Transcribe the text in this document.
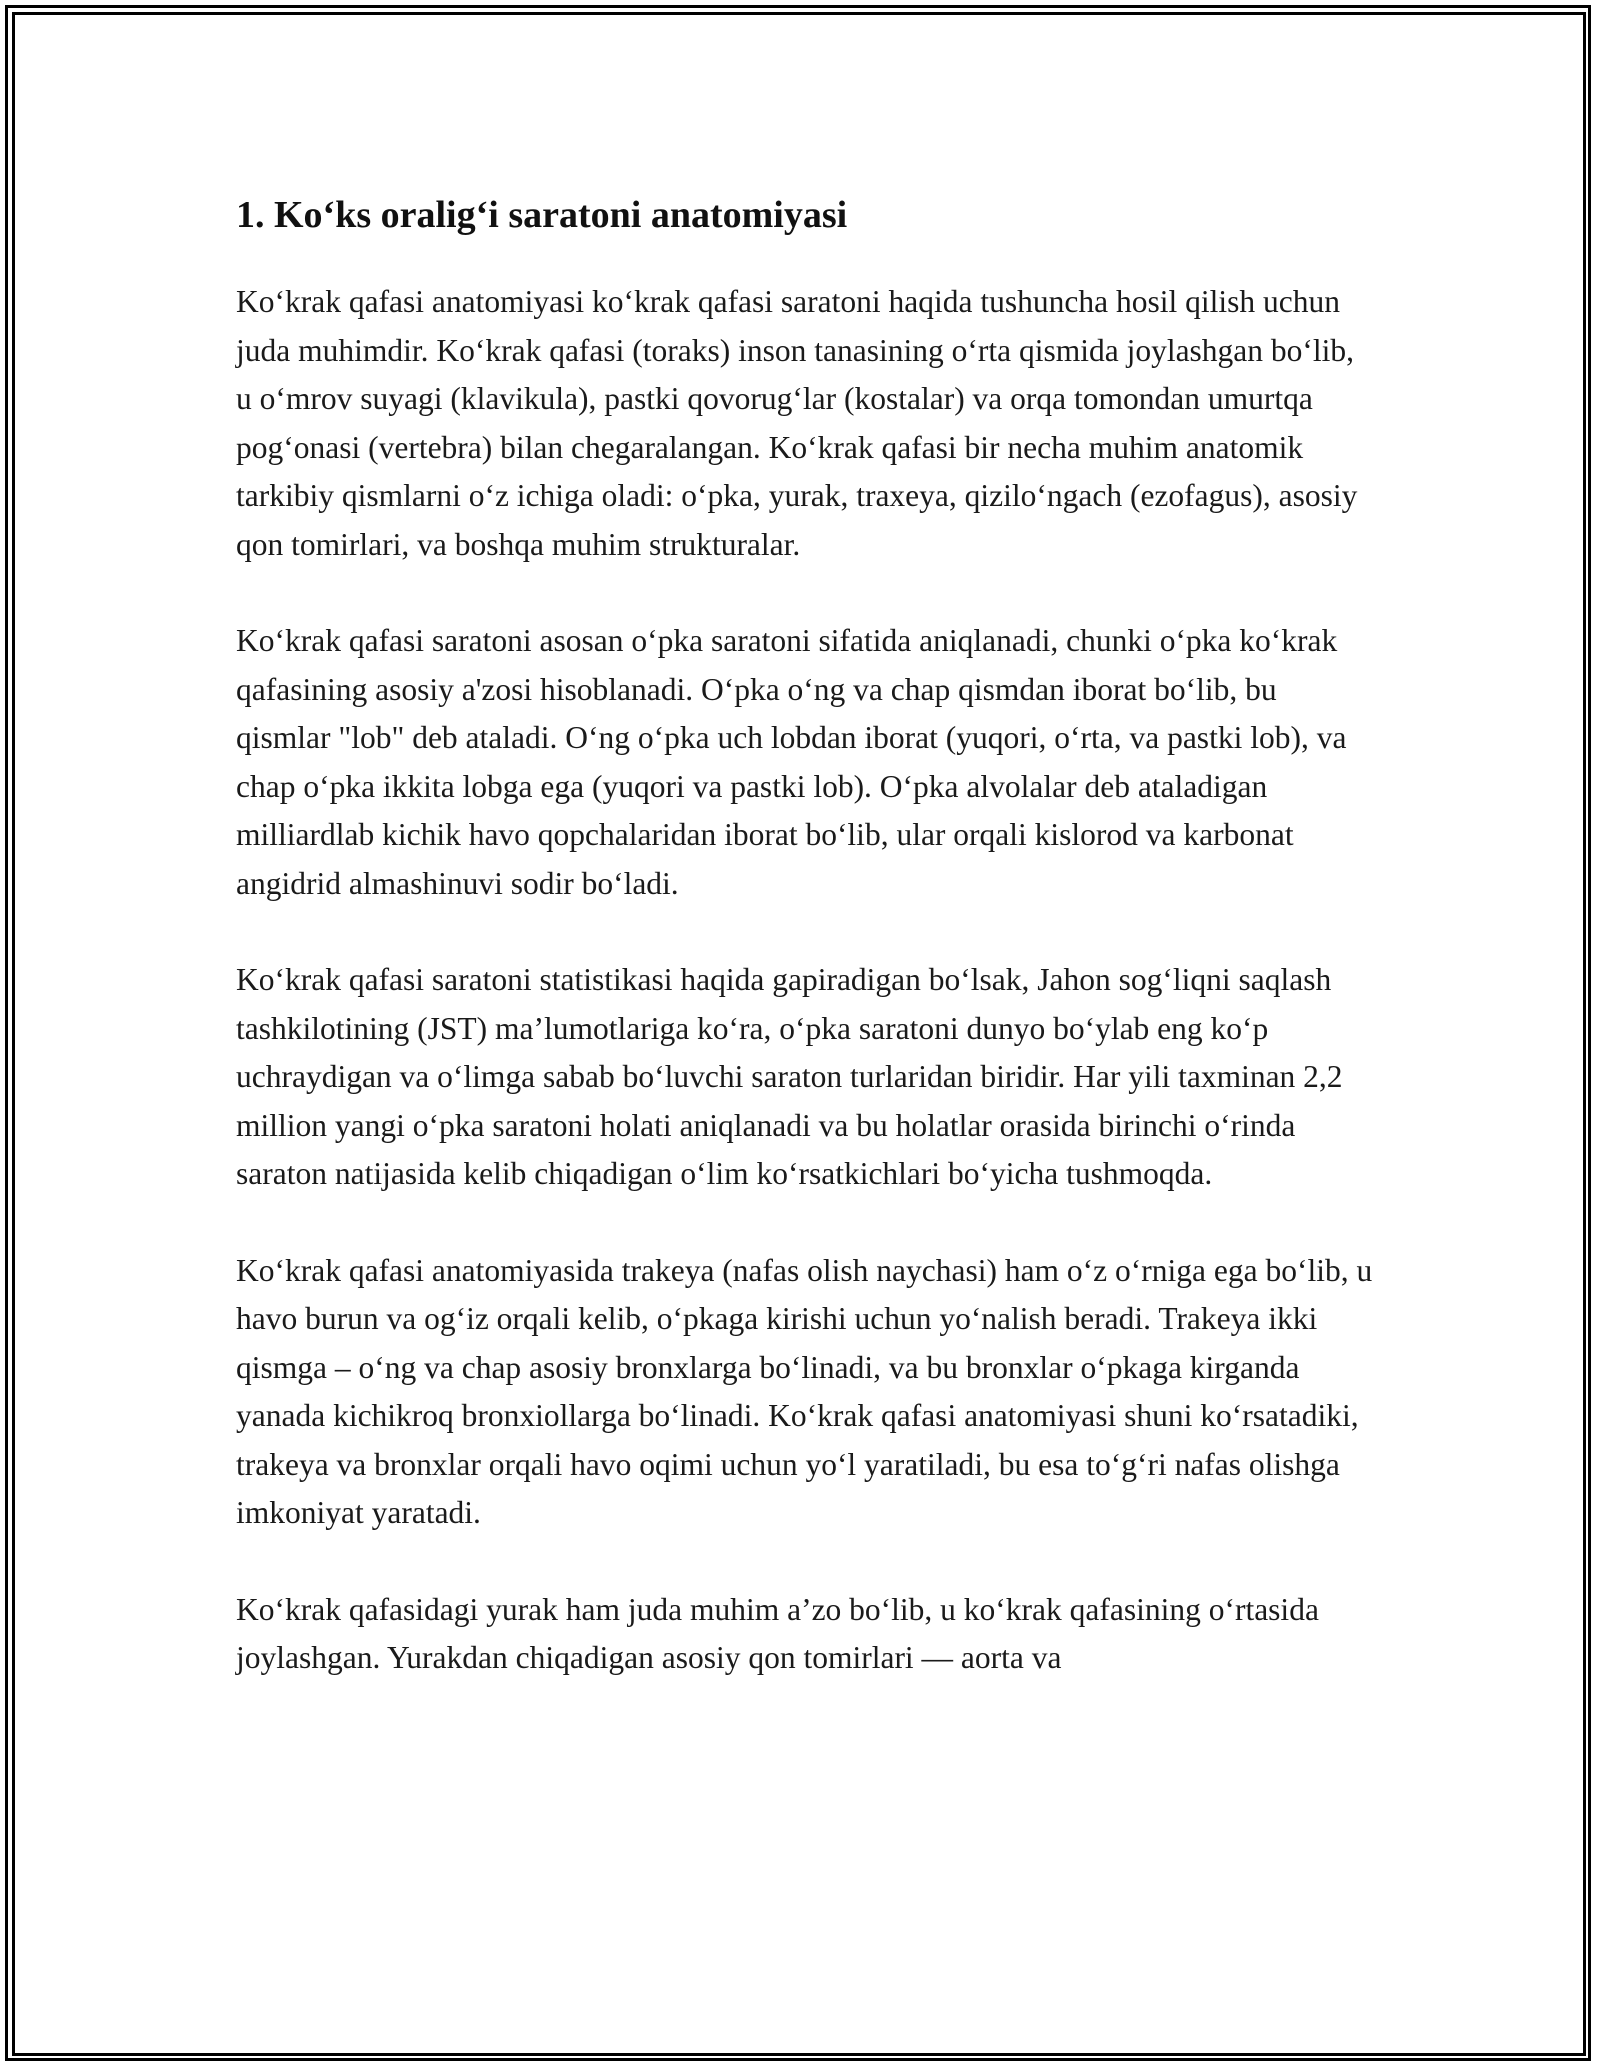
1. Ko‘ks oralig‘i saratoni anatomiyasi

Ko‘krak qafasi anatomiyasi ko‘krak qafasi saratoni haqida tushuncha hosil qilish uchun juda muhimdir. Ko‘krak qafasi (toraks) inson tanasining o‘rta qismida joylashgan bo‘lib, u o‘mrov suyagi (klavikula), pastki qovorug‘lar (kostalar) va orqa tomondan umurtqa pog‘onasi (vertebra) bilan chegaralangan. Ko‘krak qafasi bir necha muhim anatomik tarkibiy qismlarni o‘z ichiga oladi: o‘pka, yurak, traxeya, qizilo‘ngach (ezofagus), asosiy qon tomirlari, va boshqa muhim strukturalar.

Ko‘krak qafasi saratoni asosan o‘pka saratoni sifatida aniqlanadi, chunki o‘pka ko‘krak qafasining asosiy a'zosi hisoblanadi. O‘pka o‘ng va chap qismdan iborat bo‘lib, bu qismlar "lob" deb ataladi. O‘ng o‘pka uch lobdan iborat (yuqori, o‘rta, va pastki lob), va chap o‘pka ikkita lobga ega (yuqori va pastki lob). O‘pka alvolalar deb ataladigan milliardlab kichik havo qopchalaridan iborat bo‘lib, ular orqali kislorod va karbonat angidrid almashinuvi sodir bo‘ladi.

Ko‘krak qafasi saratoni statistikasi haqida gapiradigan bo‘lsak, Jahon sog‘liqni saqlash tashkilotining (JST) ma’lumotlariga ko‘ra, o‘pka saratoni dunyo bo‘ylab eng ko‘p uchraydigan va o‘limga sabab bo‘luvchi saraton turlaridan biridir. Har yili taxminan 2,2 million yangi o‘pka saratoni holati aniqlanadi va bu holatlar orasida birinchi o‘rinda saraton natijasida kelib chiqadigan o‘lim ko‘rsatkichlari bo‘yicha tushmoqda.

Ko‘krak qafasi anatomiyasida trakeya (nafas olish naychasi) ham o‘z o‘rniga ega bo‘lib, u havo burun va og‘iz orqali kelib, o‘pkaga kirishi uchun yo‘nalish beradi. Trakeya ikki qismga – o‘ng va chap asosiy bronxlarga bo‘linadi, va bu bronxlar o‘pkaga kirganda yanada kichikroq bronxiollarga bo‘linadi. Ko‘krak qafasi anatomiyasi shuni ko‘rsatadiki, trakeya va bronxlar orqali havo oqimi uchun yo‘l yaratiladi, bu esa to‘g‘ri nafas olishga imkoniyat yaratadi.

Ko‘krak qafasidagi yurak ham juda muhim a’zo bo‘lib, u ko‘krak qafasining o‘rtasida joylashgan. Yurakdan chiqadigan asosiy qon tomirlari — aorta va
